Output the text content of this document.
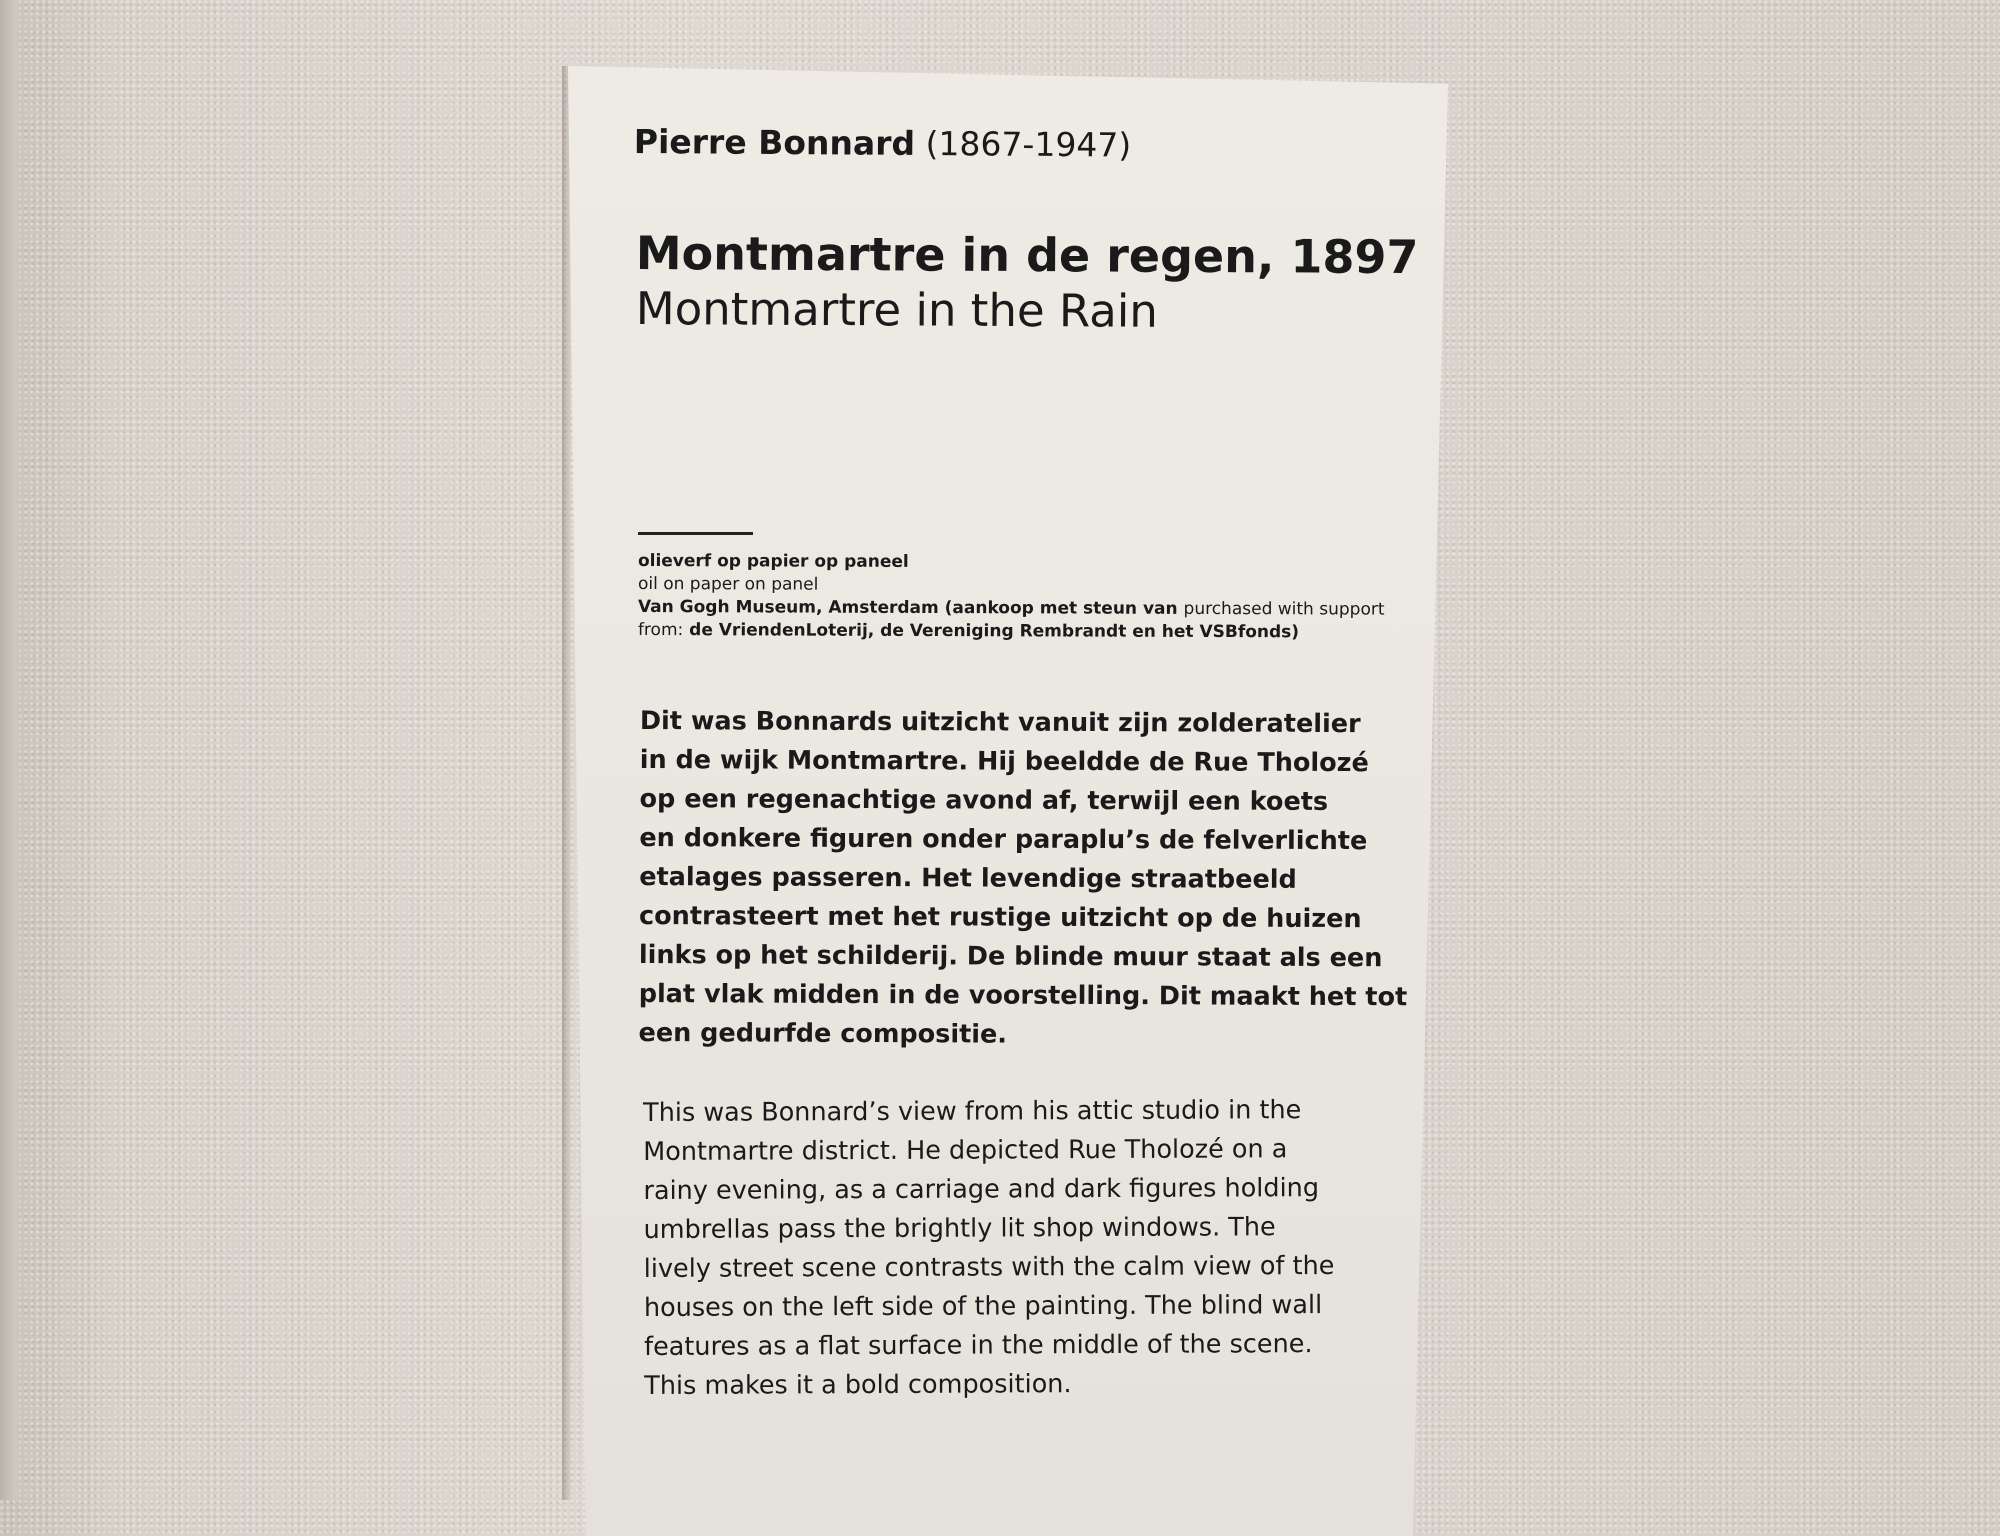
Pierre Bonnard (1867-1947)
Montmartre in de regen, 1897
Montmartre in the Rain
olieverf op papier op paneel
oil on paper on panel
Van Gogh Museum, Amsterdam (aankoop met steun van purchased with support
from: de VriendenLoterij, de Vereniging Rembrandt en het VSBfonds)
Dit was Bonnards uitzicht vanuit zijn zolderatelier
in de wijk Montmartre. Hij beeldde de Rue Tholozé
op een regenachtige avond af, terwijl een koets
en donkere figuren onder paraplu’s de felverlichte
etalages passeren. Het levendige straatbeeld
contrasteert met het rustige uitzicht op de huizen
links op het schilderij. De blinde muur staat als een
plat vlak midden in de voorstelling. Dit maakt het tot
een gedurfde compositie.
This was Bonnard’s view from his attic studio in the
Montmartre district. He depicted Rue Tholozé on a
rainy evening, as a carriage and dark figures holding
umbrellas pass the brightly lit shop windows. The
lively street scene contrasts with the calm view of the
houses on the left side of the painting. The blind wall
features as a flat surface in the middle of the scene.
This makes it a bold composition.
